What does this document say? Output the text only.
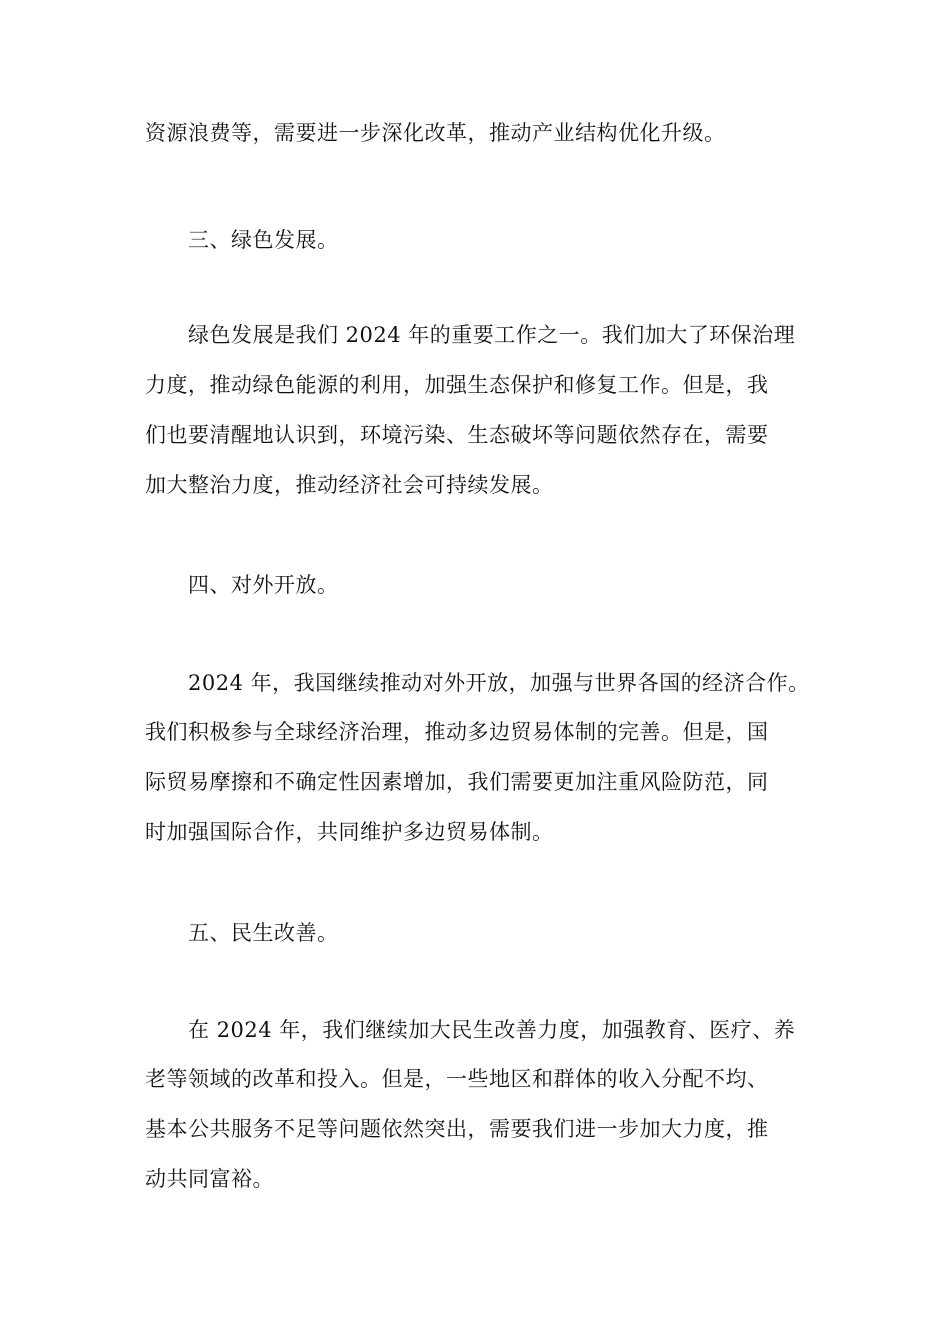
资源浪费等，需要进一步深化改革，推动产业结构优化升级。
三、绿色发展。
绿色发展是我们 2024 年的重要工作之一。我们加大了环保治理
力度，推动绿色能源的利用，加强生态保护和修复工作。但是，我
们也要清醒地认识到，环境污染、生态破坏等问题依然存在，需要
加大整治力度，推动经济社会可持续发展。
四、对外开放。
2024 年，我国继续推动对外开放，加强与世界各国的经济合作。
我们积极参与全球经济治理，推动多边贸易体制的完善。但是，国
际贸易摩擦和不确定性因素增加，我们需要更加注重风险防范，同
时加强国际合作，共同维护多边贸易体制。
五、民生改善。
在 2024 年，我们继续加大民生改善力度，加强教育、医疗、养
老等领域的改革和投入。但是，一些地区和群体的收入分配不均、
基本公共服务不足等问题依然突出，需要我们进一步加大力度，推
动共同富裕。
